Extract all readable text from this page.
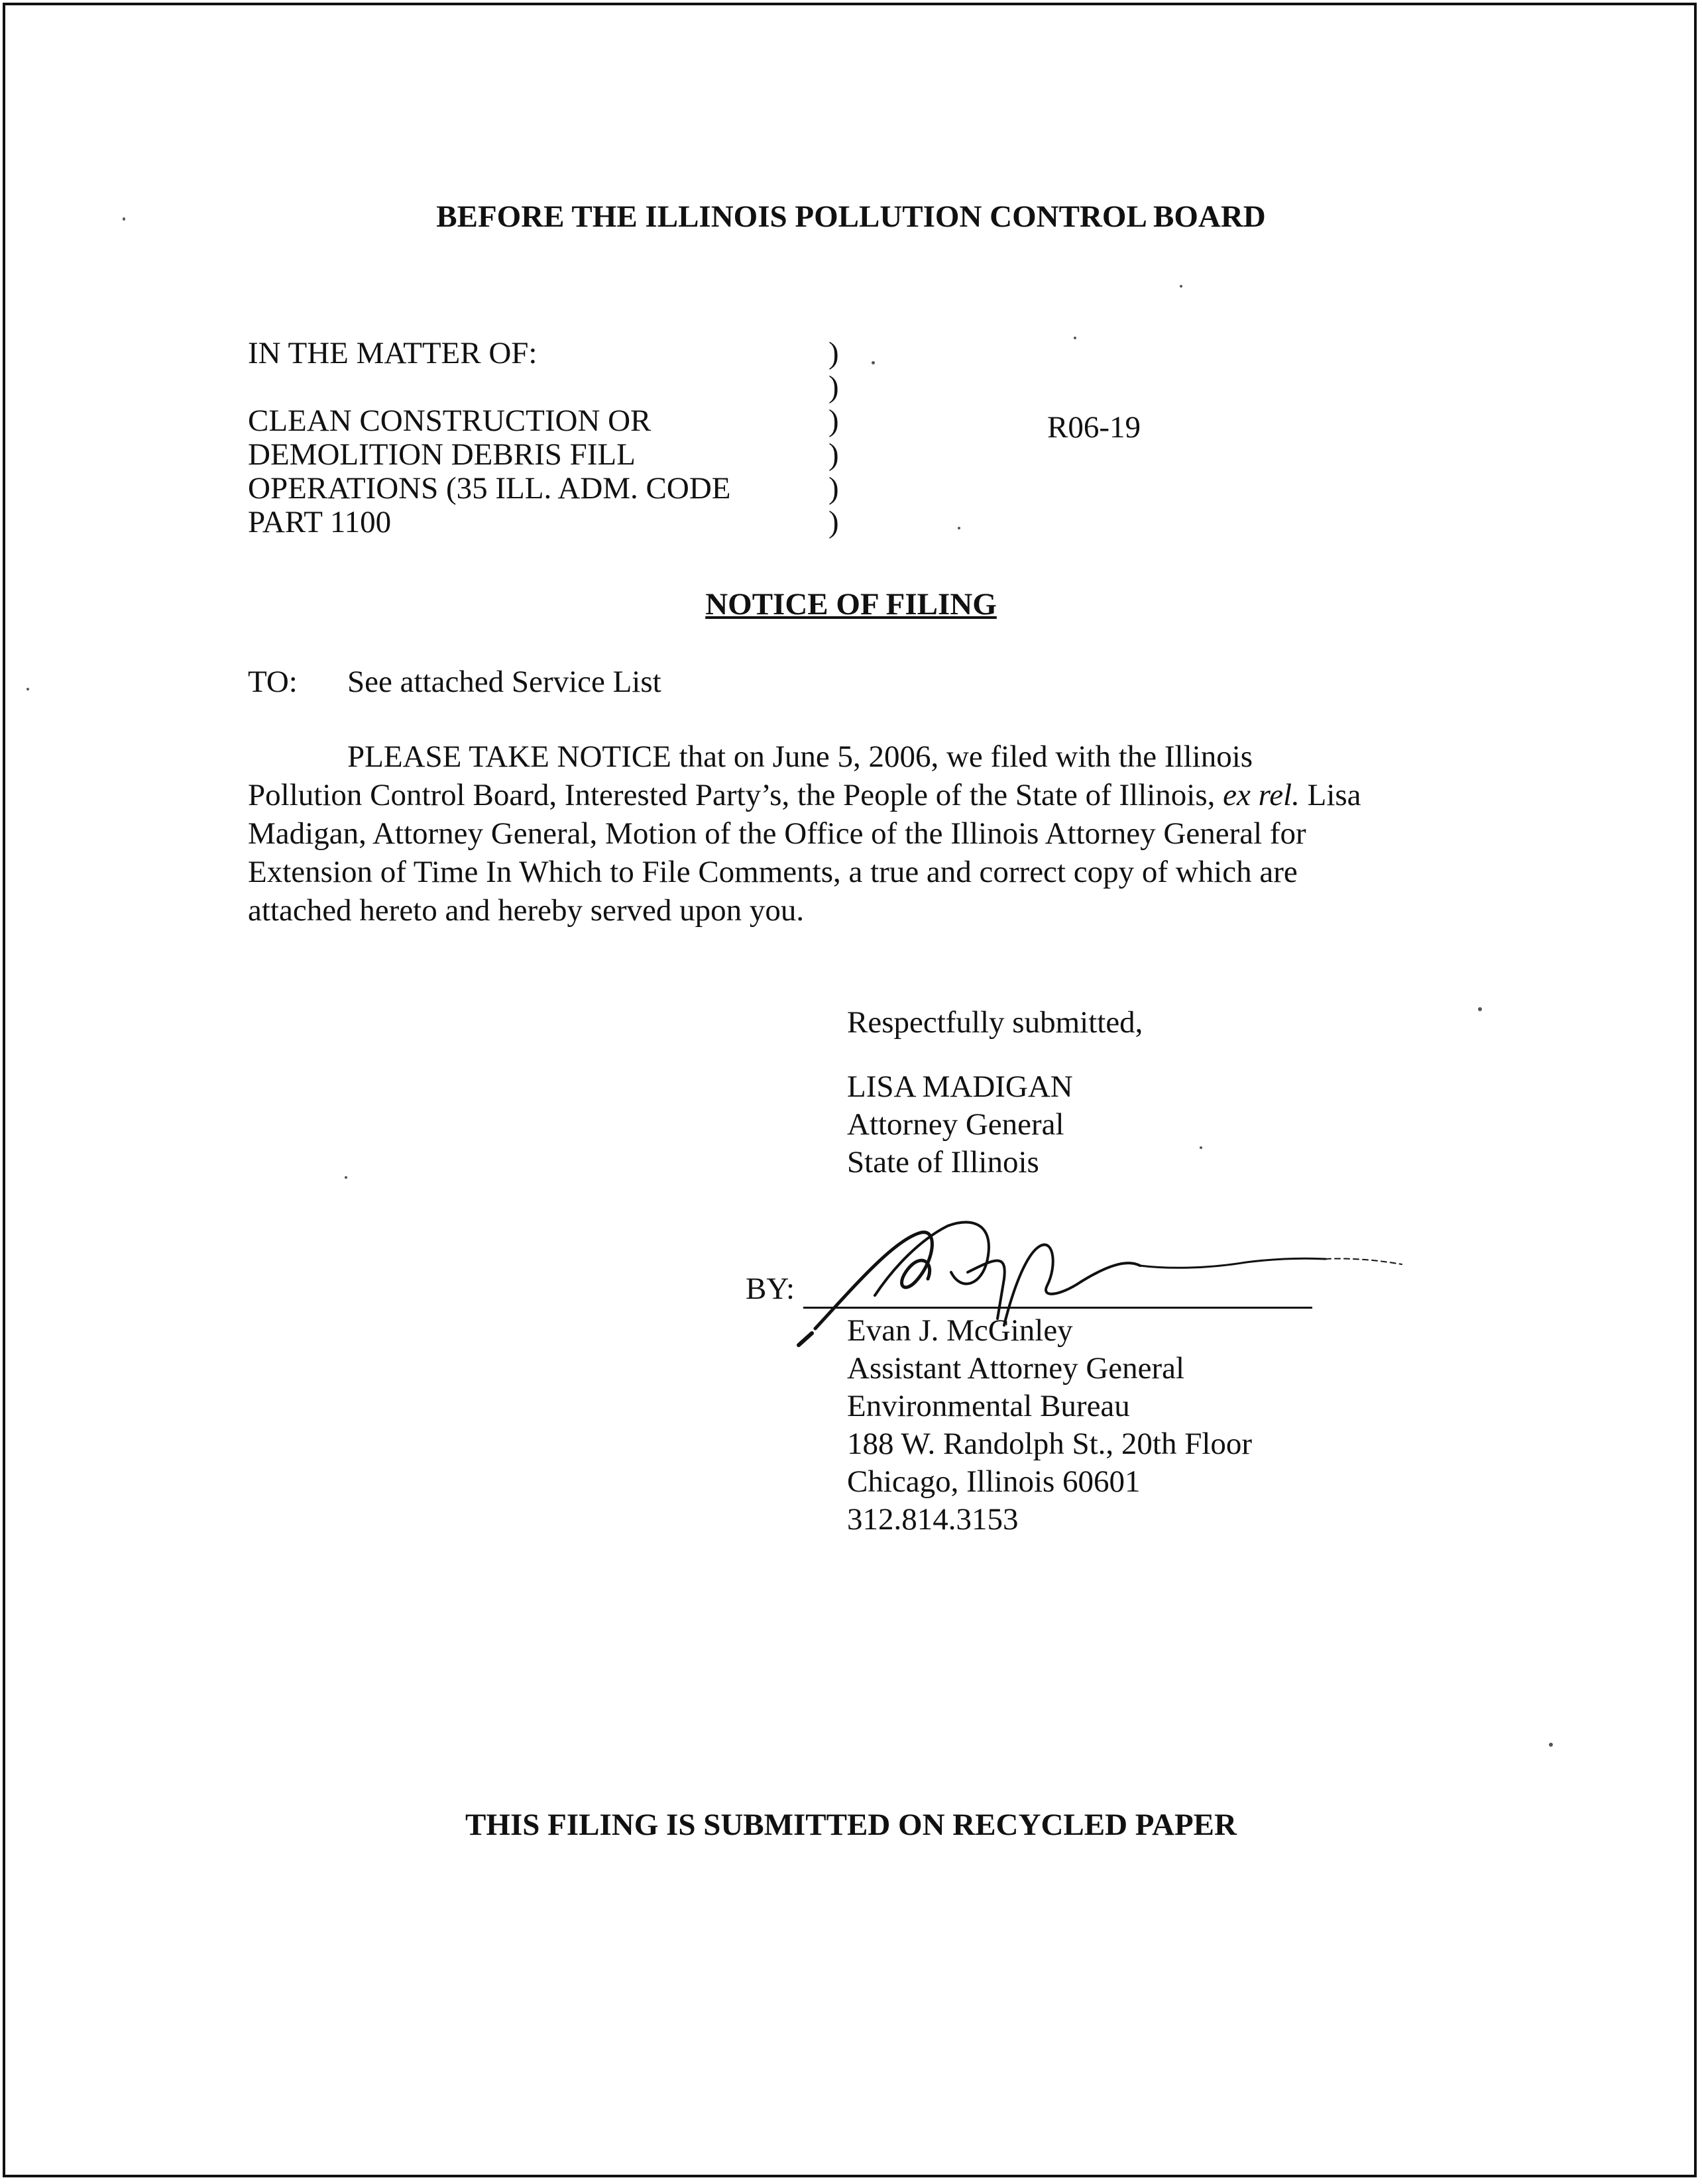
BEFORE THE ILLINOIS POLLUTION CONTROL BOARD
IN THE MATTER OF:

CLEAN CONSTRUCTION OR
DEMOLITION DEBRIS FILL
OPERATIONS (35 ILL. ADM. CODE
PART 1100
)
)
)
)
)
)
R06-19
NOTICE OF FILING
TO: See attached Service List
PLEASE TAKE NOTICE that on June 5, 2006, we filed with the Illinois
Pollution Control Board, Interested Party’s, the People of the State of Illinois, ex rel. Lisa
Madigan, Attorney General, Motion of the Office of the Illinois Attorney General for
Extension of Time In Which to File Comments, a true and correct copy of which are
attached hereto and hereby served upon you.
Respectfully submitted,
LISA MADIGAN
Attorney General
State of Illinois
BY:
Evan J. McGinley
Assistant Attorney General
Environmental Bureau
188 W. Randolph St., 20th Floor
Chicago, Illinois 60601
312.814.3153
THIS FILING IS SUBMITTED ON RECYCLED PAPER
